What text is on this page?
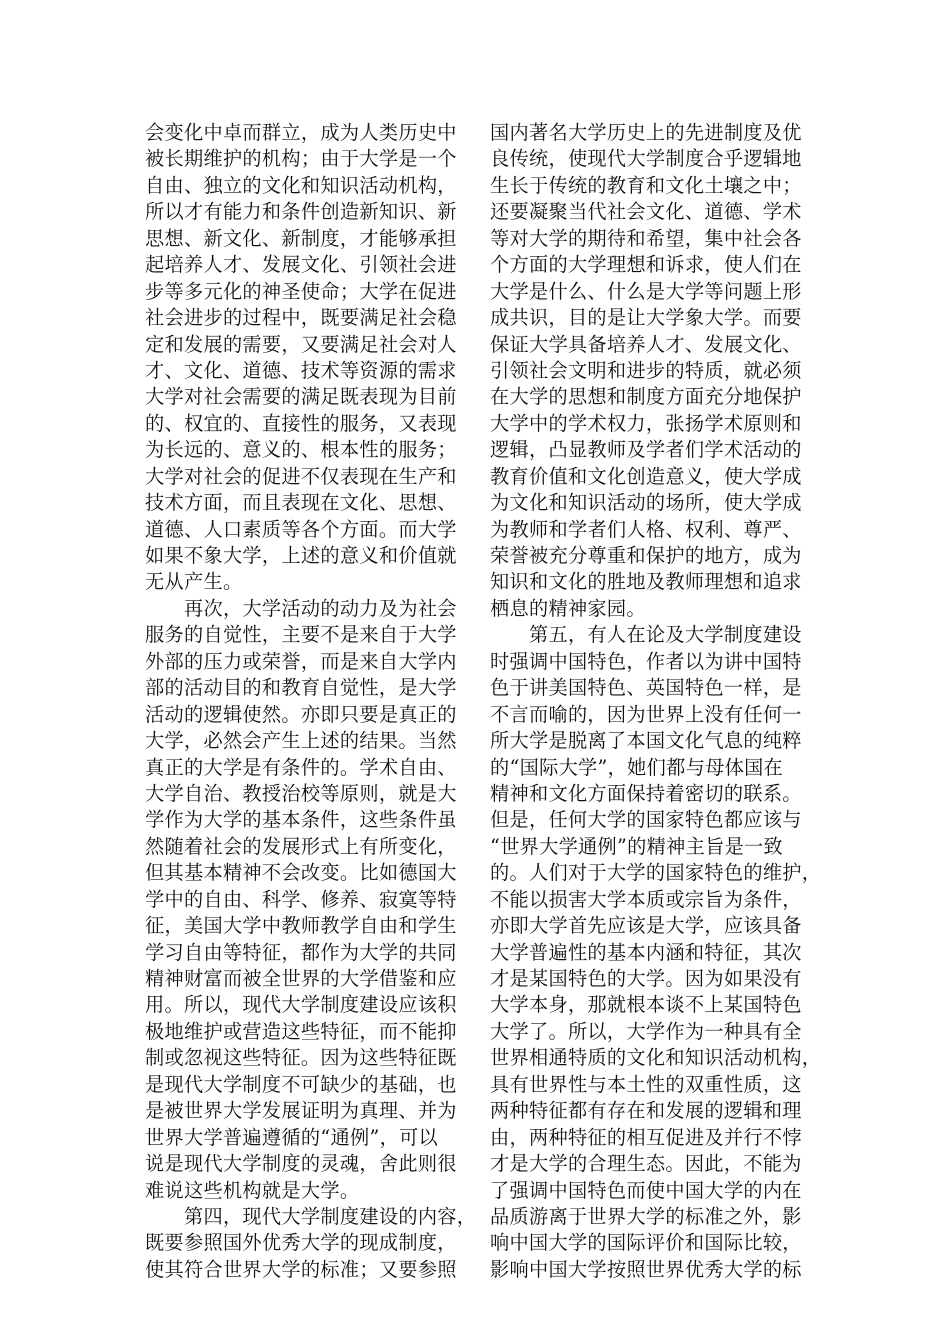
会变化中卓而群立，成为人类历史中
被长期维护的机构；由于大学是一个
自由、独立的文化和知识活动机构，
所以才有能力和条件创造新知识、新
思想、新文化、新制度，才能够承担
起培养人才、发展文化、引领社会进
步等多元化的神圣使命；大学在促进
社会进步的过程中，既要满足社会稳
定和发展的需要，又要满足社会对人
才、文化、道德、技术等资源的需求
大学对社会需要的满足既表现为目前
的、权宜的、直接性的服务，又表现
为长远的、意义的、根本性的服务；
大学对社会的促进不仅表现在生产和
技术方面，而且表现在文化、思想、
道德、人口素质等各个方面。而大学
如果不象大学，上述的意义和价值就
无从产生。
　　再次，大学活动的动力及为社会
服务的自觉性，主要不是来自于大学
外部的压力或荣誉，而是来自大学内
部的活动目的和教育自觉性，是大学
活动的逻辑使然。亦即只要是真正的
大学，必然会产生上述的结果。当然
真正的大学是有条件的。学术自由、
大学自治、教授治校等原则，就是大
学作为大学的基本条件，这些条件虽
然随着社会的发展形式上有所变化，
但其基本精神不会改变。比如德国大
学中的自由、科学、修养、寂寞等特
征，美国大学中教师教学自由和学生
学习自由等特征，都作为大学的共同
精神财富而被全世界的大学借鉴和应
用。所以，现代大学制度建设应该积
极地维护或营造这些特征，而不能抑
制或忽视这些特征。因为这些特征既
是现代大学制度不可缺少的基础，也
是被世界大学发展证明为真理、并为
世界大学普遍遵循的“通例”，可以
说是现代大学制度的灵魂，舍此则很
难说这些机构就是大学。
　　第四，现代大学制度建设的内容，
既要参照国外优秀大学的现成制度，
使其符合世界大学的标准；又要参照
国内著名大学历史上的先进制度及优
良传统，使现代大学制度合乎逻辑地
生长于传统的教育和文化土壤之中；
还要凝聚当代社会文化、道德、学术
等对大学的期待和希望，集中社会各
个方面的大学理想和诉求，使人们在
大学是什么、什么是大学等问题上形
成共识，目的是让大学象大学。而要
保证大学具备培养人才、发展文化、
引领社会文明和进步的特质，就必须
在大学的思想和制度方面充分地保护
大学中的学术权力，张扬学术原则和
逻辑，凸显教师及学者们学术活动的
教育价值和文化创造意义，使大学成
为文化和知识活动的场所，使大学成
为教师和学者们人格、权利、尊严、
荣誉被充分尊重和保护的地方，成为
知识和文化的胜地及教师理想和追求
栖息的精神家园。
　　第五，有人在论及大学制度建设
时强调中国特色，作者以为讲中国特
色于讲美国特色、英国特色一样，是
不言而喻的，因为世界上没有任何一
所大学是脱离了本国文化气息的纯粹
的“国际大学”，她们都与母体国在
精神和文化方面保持着密切的联系。
但是，任何大学的国家特色都应该与
“世界大学通例”的精神主旨是一致
的。人们对于大学的国家特色的维护，
不能以损害大学本质或宗旨为条件，
亦即大学首先应该是大学，应该具备
大学普遍性的基本内涵和特征，其次
才是某国特色的大学。因为如果没有
大学本身，那就根本谈不上某国特色
大学了。所以，大学作为一种具有全
世界相通特质的文化和知识活动机构，
具有世界性与本土性的双重性质，这
两种特征都有存在和发展的逻辑和理
由，两种特征的相互促进及并行不悖
才是大学的合理生态。因此，不能为
了强调中国特色而使中国大学的内在
品质游离于世界大学的标准之外，影
响中国大学的国际评价和国际比较，
影响中国大学按照世界优秀大学的标
